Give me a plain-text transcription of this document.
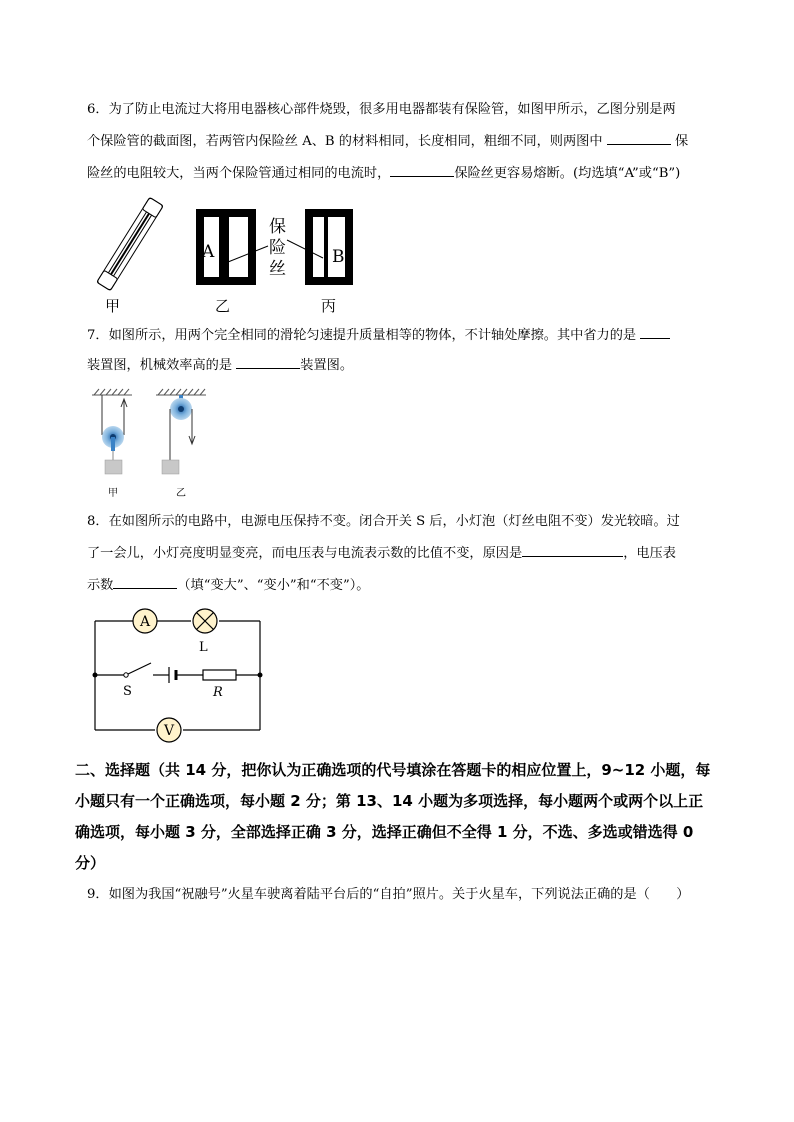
6．为了防止电流过大将用电器核心部件烧毁，很多用电器都装有保险管，如图甲所示，乙图分别是两

个保险管的截面图，若两管内保险丝 A、B 的材料相同，长度相同，粗细不同，则两图中	保

险丝的电阻较大，当两个保险管通过相同的电流时，	保险丝更容易熔断。(均选填“A”或“B”)

甲
A
乙
保
险
丝
B
丙

7．如图所示，用两个完全相同的滑轮匀速提升质量相等的物体，不计轴处摩擦。其中省力的是

装置图，机械效率高的是	装置图。

甲	乙

8．在如图所示的电路中，电源电压保持不变。闭合开关 S 后，小灯泡（灯丝电阻不变）发光较暗。过

了一会儿，小灯亮度明显变亮，而电压表与电流表示数的比值不变，原因是	，电压表

示数	（填“变大”、“变小”和“不变”）。

A
L
S	R
V

二、选择题（共 14 分，把你认为正确选项的代号填涂在答题卡的相应位置上，9~12 小题，每

小题只有一个正确选项，每小题 2 分；第 13、14 小题为多项选择，每小题两个或两个以上正

确选项，每小题 3 分，全部选择正确 3 分，选择正确但不全得 1 分，不选、多选或错选得 0

分）

9．如图为我国“祝融号”火星车驶离着陆平台后的“自拍”照片。关于火星车，下列说法正确的是（　　）
